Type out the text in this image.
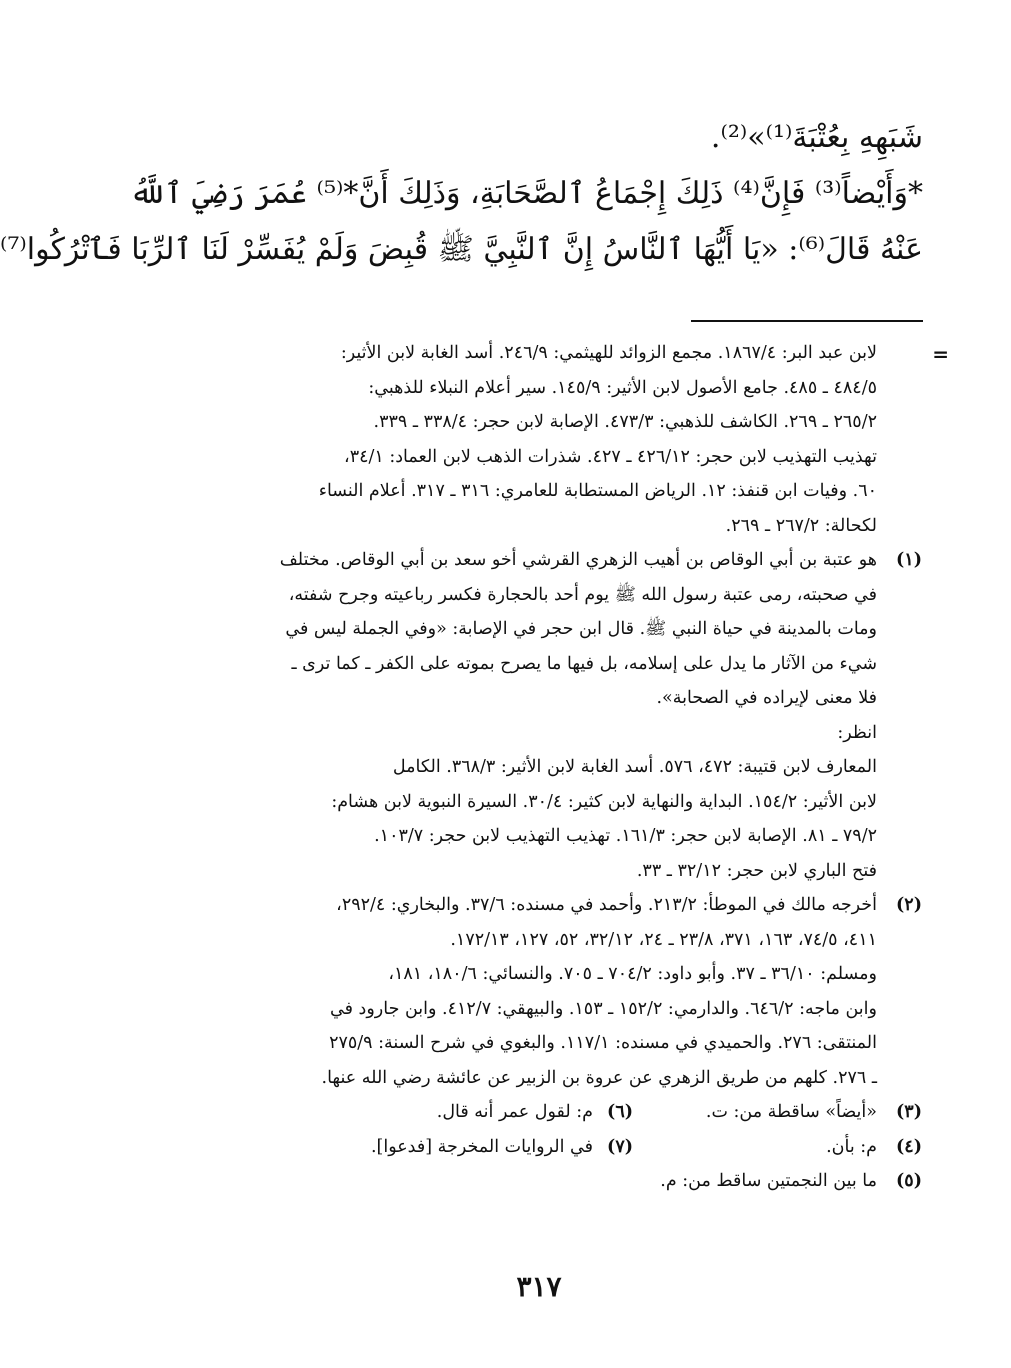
شَبَهِهِ بِعُتْبَةَ⁽¹⁾»⁽²⁾.
*وَأَيْضاً⁽³⁾ فَإِنَّ⁽⁴⁾ ذَلِكَ إِجْمَاعُ ٱلصَّحَابَةِ، وَذَلِكَ أَنَّ*⁽⁵⁾ عُمَرَ رَضِيَ ٱللَّهُ
عَنْهُ قَالَ⁽⁶⁾: «يَا أَيُّهَا ٱلنَّاسُ إِنَّ ٱلنَّبِيَّ ﷺ قُبِضَ وَلَمْ يُفَسِّرْ لَنَا ٱلرِّبَا فَٱتْرُكُوا⁽⁷⁾
=
لابن عبد البر: ١٨٦٧/٤. مجمع الزوائد للهيثمي: ٢٤٦/٩. أسد الغابة لابن الأثير:
٤٨٤/٥ ـ ٤٨٥. جامع الأصول لابن الأثير: ١٤٥/٩. سير أعلام النبلاء للذهبي:
٢٦٥/٢ ـ ٢٦٩. الكاشف للذهبي: ٤٧٣/٣. الإصابة لابن حجر: ٣٣٨/٤ ـ ٣٣٩.
تهذيب التهذيب لابن حجر: ٤٢٦/١٢ ـ ٤٢٧. شذرات الذهب لابن العماد: ٣٤/١،
٦٠. وفيات ابن قنفذ: ١٢. الرياض المستطابة للعامري: ٣١٦ ـ ٣١٧. أعلام النساء
لكحالة: ٢٦٧/٢ ـ ٢٦٩.
(١)
هو عتبة بن أبي الوقاص بن أهيب الزهري القرشي أخو سعد بن أبي الوقاص. مختلف
في صحبته، رمى عتبة رسول الله ﷺ يوم أحد بالحجارة فكسر رباعيته وجرح شفته،
ومات بالمدينة في حياة النبي ﷺ. قال ابن حجر في الإصابة: «وفي الجملة ليس في
شيء من الآثار ما يدل على إسلامه، بل فيها ما يصرح بموته على الكفر ـ كما ترى ـ
فلا معنى لإيراده في الصحابة».
انظر:
المعارف لابن قتيبة: ٤٧٢، ٥٧٦. أسد الغابة لابن الأثير: ٣٦٨/٣. الكامل
لابن الأثير: ١٥٤/٢. البداية والنهاية لابن كثير: ٣٠/٤. السيرة النبوية لابن هشام:
٧٩/٢ ـ ٨١. الإصابة لابن حجر: ١٦١/٣. تهذيب التهذيب لابن حجر: ١٠٣/٧.
فتح الباري لابن حجر: ٣٢/١٢ ـ ٣٣.
(٢)
أخرجه مالك في الموطأ: ٢١٣/٢. وأحمد في مسنده: ٣٧/٦. والبخاري: ٢٩٢/٤،
٤١١، ٧٤/٥، ١٦٣، ٣٧١، ٢٣/٨ ـ ٢٤، ٣٢/١٢، ٥٢، ١٢٧، ١٧٢/١٣.
ومسلم: ٣٦/١٠ ـ ٣٧. وأبو داود: ٧٠٤/٢ ـ ٧٠٥. والنسائي: ١٨٠/٦، ١٨١،
وابن ماجه: ٦٤٦/٢. والدارمي: ١٥٢/٢ ـ ١٥٣. والبيهقي: ٤١٢/٧. وابن جارود في
المنتقى: ٢٧٦. والحميدي في مسنده: ١١٧/١. والبغوي في شرح السنة: ٢٧٥/٩
ـ ٢٧٦. كلهم من طريق الزهري عن عروة بن الزبير عن عائشة رضي الله عنها.
(٣)
«أيضاً» ساقطة من: ت.
(٦)
م: لقول عمر أنه قال.
(٤)
م: بأن.
(٧)
في الروايات المخرجة [فدعوا].
(٥)
ما بين النجمتين ساقط من: م.
٣١٧
